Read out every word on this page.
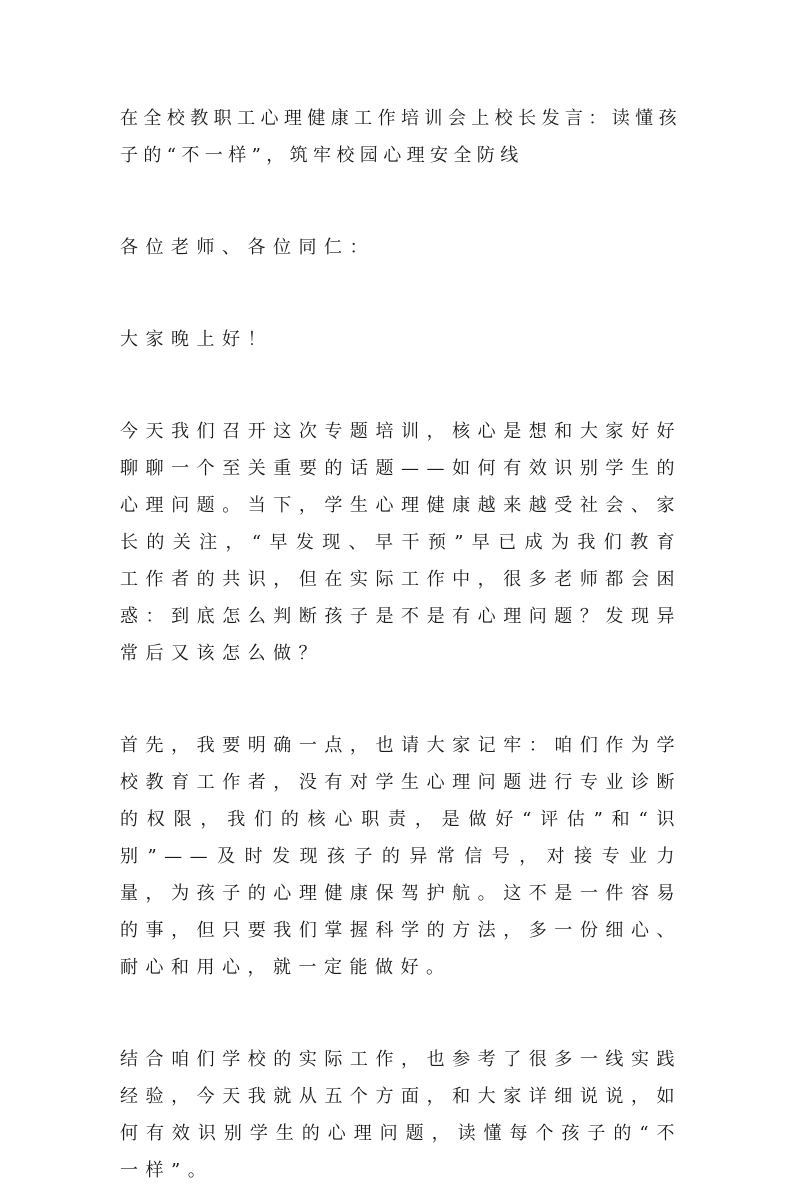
在全校教职工心理健康工作培训会上校长发言：读懂孩子的“不一样”，筑牢校园心理安全防线

各位老师、各位同仁：

大家晚上好！

今天我们召开这次专题培训，核心是想和大家好好聊聊一个至关重要的话题——如何有效识别学生的心理问题。当下，学生心理健康越来越受社会、家长的关注，“早发现、早干预”早已成为我们教育工作者的共识，但在实际工作中，很多老师都会困惑：到底怎么判断孩子是不是有心理问题？发现异常后又该怎么做？

首先，我要明确一点，也请大家记牢：咱们作为学校教育工作者，没有对学生心理问题进行专业诊断的权限，我们的核心职责，是做好“评估”和“识别”——及时发现孩子的异常信号，对接专业力量，为孩子的心理健康保驾护航。这不是一件容易的事，但只要我们掌握科学的方法，多一份细心、耐心和用心，就一定能做好。

结合咱们学校的实际工作，也参考了很多一线实践经验，今天我就从五个方面，和大家详细说说，如何有效识别学生的心理问题，读懂每个孩子的“不一样”。
